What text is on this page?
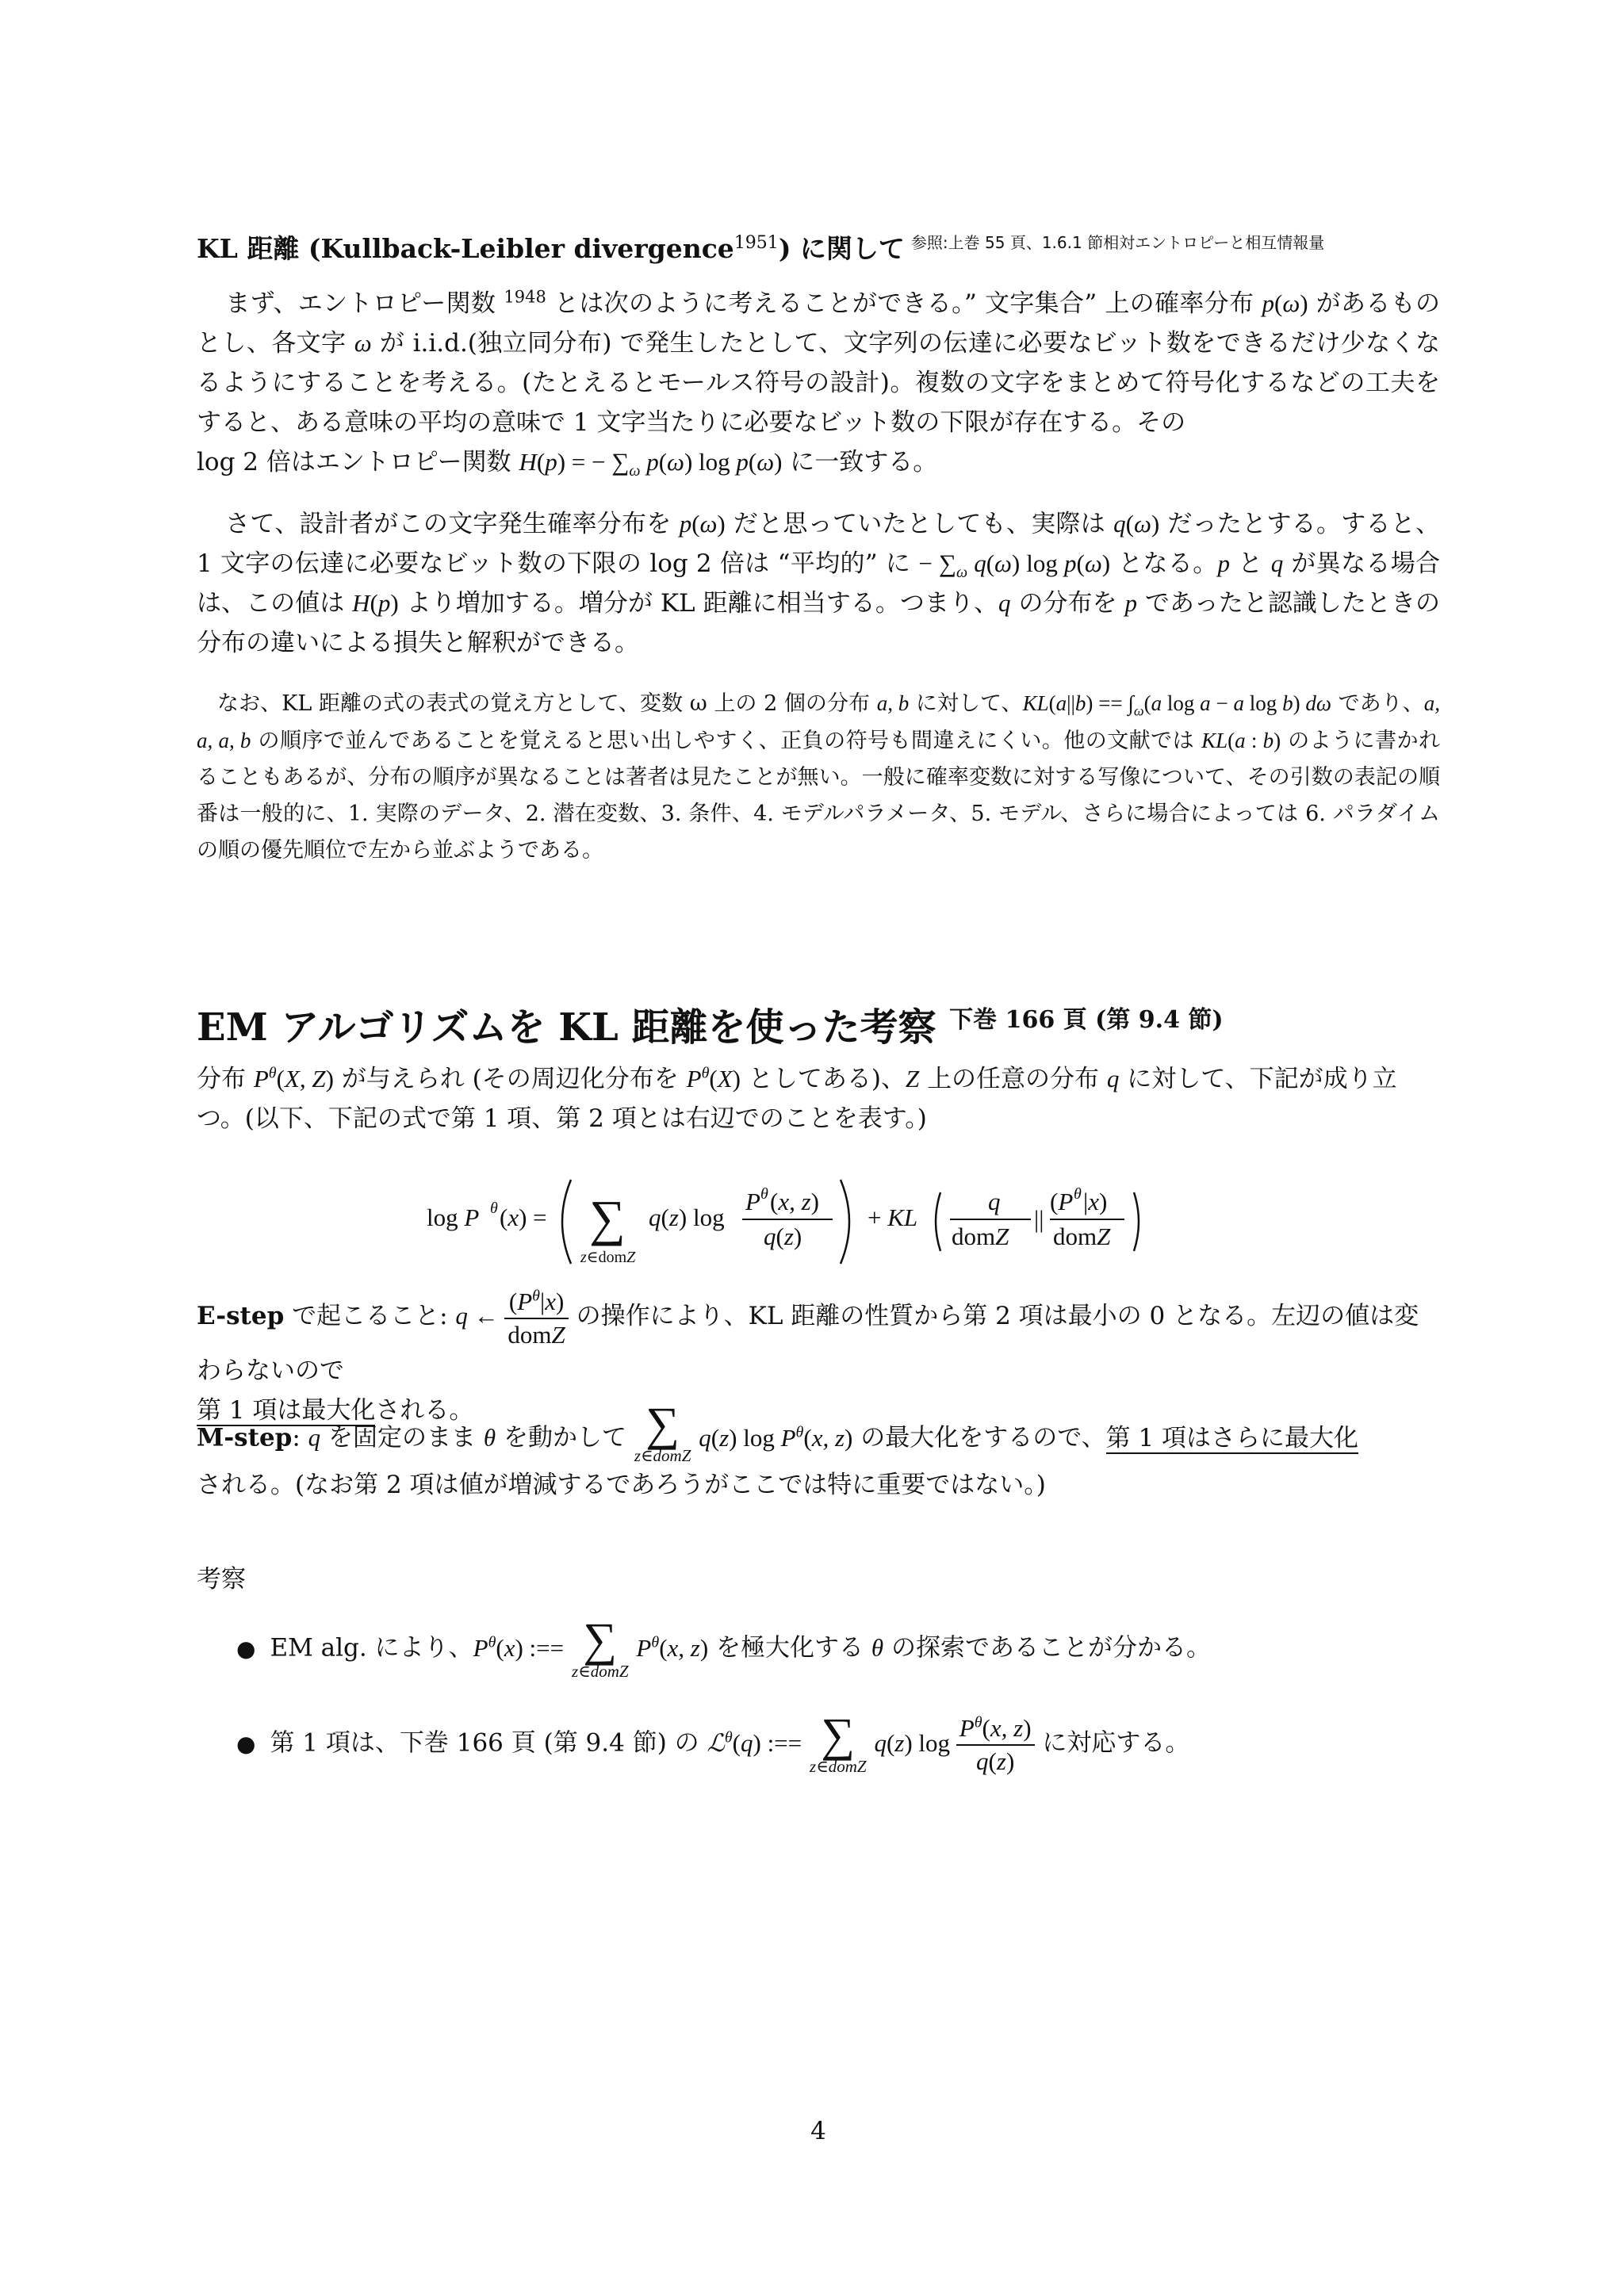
KL 距離 (Kullback-Leibler divergence$^{1951}$) に関して $^{参照:上巻 55 頁、1.6.1 節相対エントロピーと相互情報量}$
まず、エントロピー関数 $^{1948}$ とは次のように考えることができる。” 文字集合” 上の確率分布 p(ω) があるものとし、各文字 ω が i.i.d.(独立同分布) で発生したとして、文字列の伝達に必要なビット数をできるだけ少なくなるようにすることを考える。(たとえるとモールス符号の設計)。複数の文字をまとめて符号化するなどの工夫をすると、ある意味の平均の意味で 1 文字当たりに必要なビット数の下限が存在する。その
log 2 倍はエントロピー関数 H(p) = − $\sum_\omega$ p(ω) log p(ω) に一致する。
さて、設計者がこの文字発生確率分布を p(ω) だと思っていたとしても、実際は q(ω) だったとする。すると、1 文字の伝達に必要なビット数の下限の log 2 倍は “平均的” に − $\sum_\omega$ q(ω) log p(ω) となる。p と q が異なる場合は、この値は H(p) より増加する。増分が KL 距離に相当する。つまり、q の分布を p であったと認識したときの分布の違いによる損失と解釈ができる。
なお、KL 距離の式の表式の覚え方として、変数 ω 上の 2 個の分布 a, b に対して、$KL(a||b) == \int_\omega(a$ log a − a log b) dω であり、a, a, a, b の順序で並んであることを覚えると思い出しやすく、正負の符号も間違えにくい。他の文献では KL(a : b) のように書かれることもあるが、分布の順序が異なることは著者は見たことが無い。一般に確率変数に対する写像について、その引数の表記の順番は一般的に、1. 実際のデータ、2. 潜在変数、3. 条件、4. モデルパラメータ、5. モデル、さらに場合によっては 6. パラダイム の順の優先順位で左から並ぶようである。
EM アルゴリズムを KL 距離を使った考察 $^{下巻 166 頁 (第 9.4 節)}$
分布 $P^\theta(X$, Z) が与えられ (その周辺化分布を $P^\theta(X)$ としてある)、Z 上の任意の分布 q に対して、下記が成り立つ。(以下、下記の式で第 1 項、第 2 項とは右辺でのことを表す。)
log P θ (x) = ∑
z∈domZ
q(z) log
P θ (x, z)
q(z)
+ KL
q
domZ
||
(P θ |x)
domZ
E-step で起こること: q ← $\frac{(P^\theta|x)}{\text{domZ}}$ の操作により、KL 距離の性質から第 2 項は最小の 0 となる。左辺の値は変わらないので
第 1 項は最大化される。
M-step: q を固定のまま θ を動かして ∑
z∈domZ
q(z) $\log P^\theta(x$, z) の最大化をするので、第 1 項はさらに最大化
される。(なお第 2 項は値が増減するであろうがここでは特に重要ではない。)
考察
● EM alg. により、$P^\theta(x)$ :== ∑
z∈domZ
$P^\theta(x$, z) を極大化する θ の探索であることが分かる。
● 第 1 項は、下巻 166 頁 (第 9.4 節) の ℒ$^\theta$(q) :== ∑
z∈domZ
q(z) $\log \frac{P^\theta(x, z)}{q(z)}$ に対応する。
4
